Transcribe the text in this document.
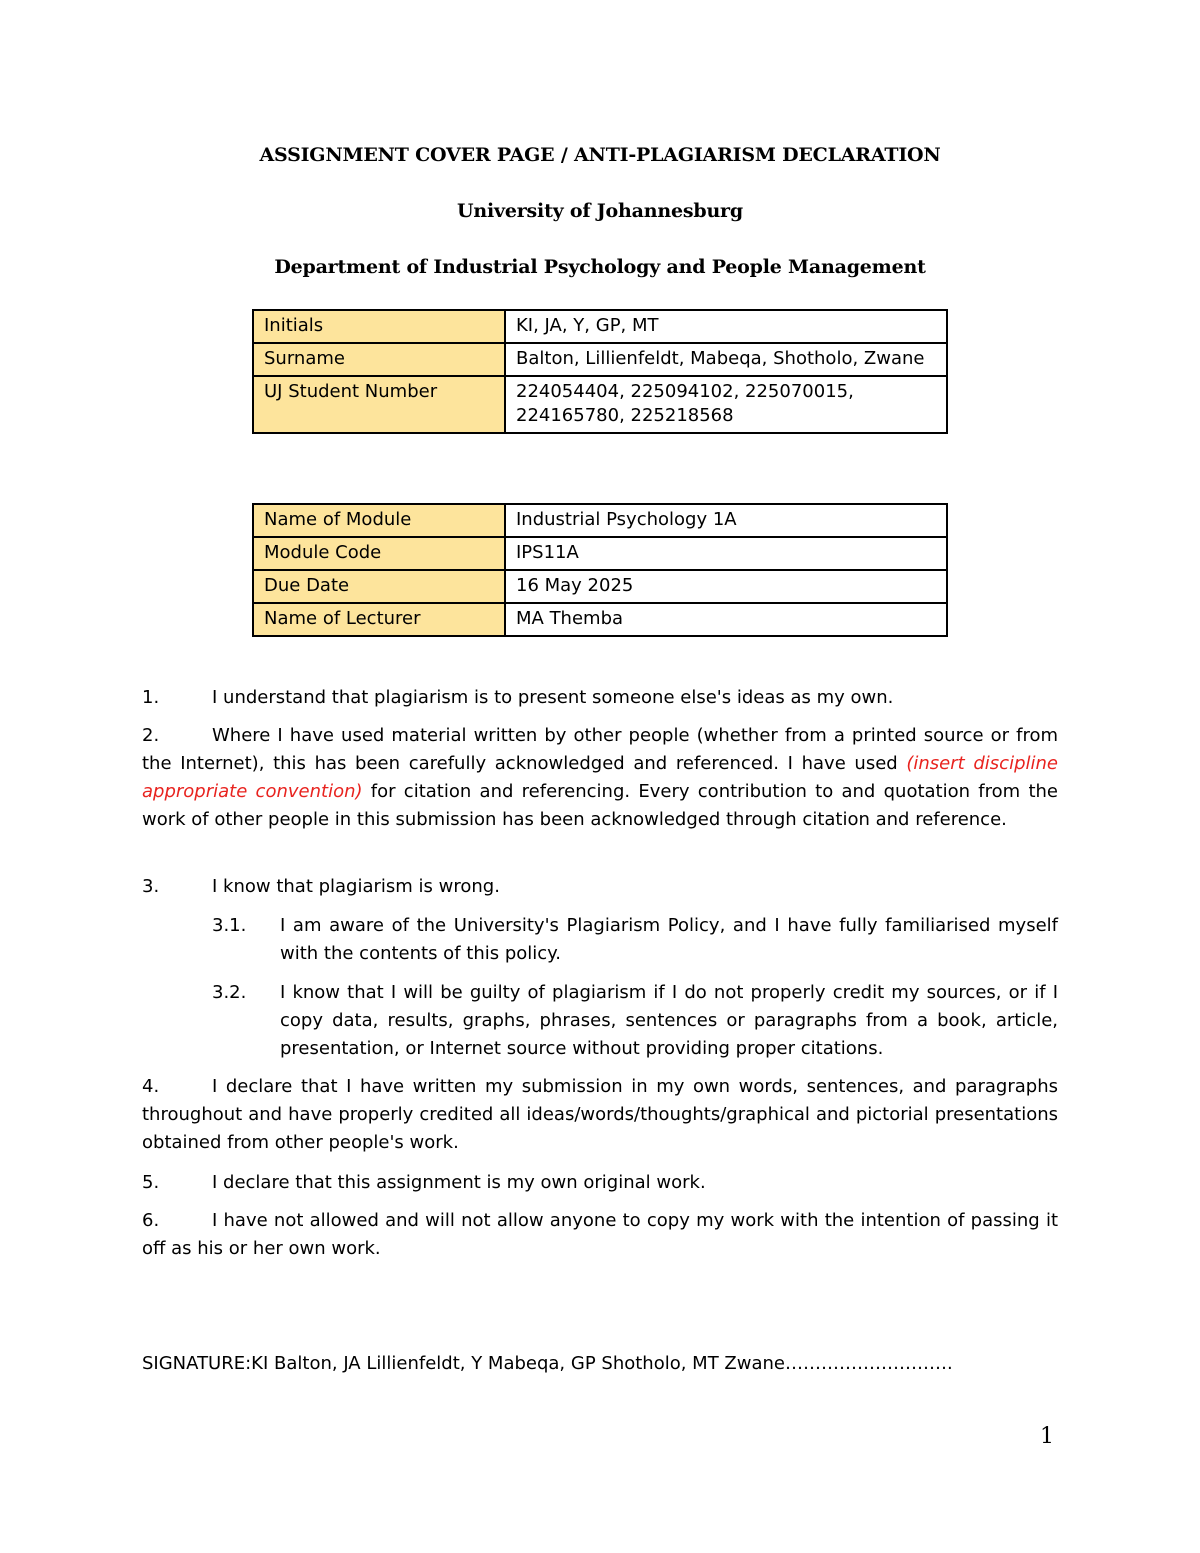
ASSIGNMENT COVER PAGE / ANTI-PLAGIARISM DECLARATION
University of Johannesburg
Department of Industrial Psychology and People Management
Initials	KI, JA, Y, GP, MT
Surname	Balton, Lillienfeldt, Mabeqa, Shotholo, Zwane
UJ Student Number	224054404, 225094102, 225070015, 224165780, 225218568
Name of Module	Industrial Psychology 1A
Module Code	IPS11A
Due Date	16 May 2025
Name of Lecturer	MA Themba
1.	I understand that plagiarism is to present someone else's ideas as my own.
2.	Where I have used material written by other people (whether from a printed source or from the Internet), this has been carefully acknowledged and referenced. I have used (insert discipline appropriate convention) for citation and referencing. Every contribution to and quotation from the work of other people in this submission has been acknowledged through citation and reference.
3.	I know that plagiarism is wrong.
3.1. I am aware of the University's Plagiarism Policy, and I have fully familiarised myself with the contents of this policy.
3.2. I know that I will be guilty of plagiarism if I do not properly credit my sources, or if I copy data, results, graphs, phrases, sentences or paragraphs from a book, article, presentation, or Internet source without providing proper citations.
4.	I declare that I have written my submission in my own words, sentences, and paragraphs throughout and have properly credited all ideas/words/thoughts/graphical and pictorial presentations obtained from other people's work.
5.	I declare that this assignment is my own original work.
6.	I have not allowed and will not allow anyone to copy my work with the intention of passing it off as his or her own work.
SIGNATURE:KI Balton, JA Lillienfeldt, Y Mabeqa, GP Shotholo, MT Zwane……………………….
1
